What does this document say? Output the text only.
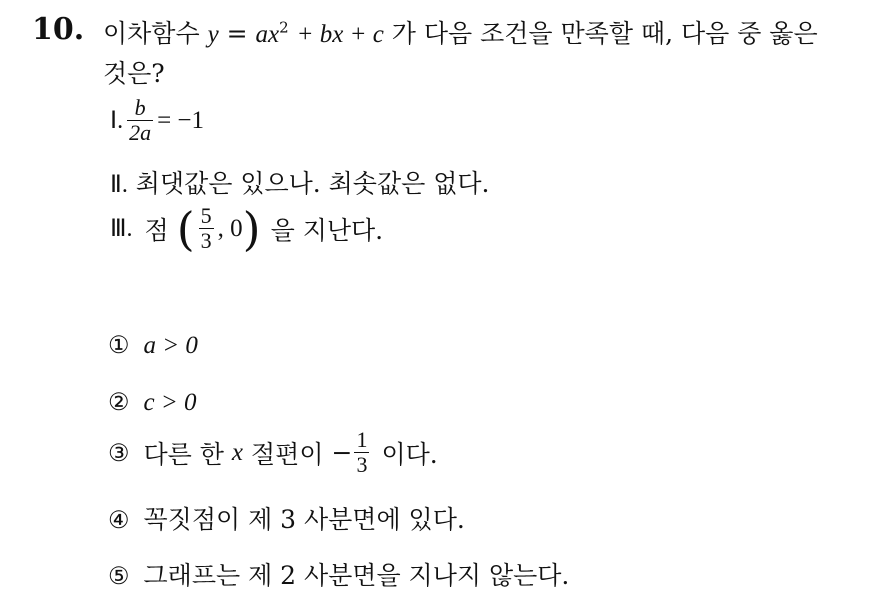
10. 이차함수 $y = ax^2$ + bx + c 가 다음 조건을 만족할 때, 다음 중 옳은
것은?
Ⅰ. $\frac{b}{2a} = -1$
Ⅱ. 최댓값은 있으나. 최솟값은 없다.
Ⅲ. 점 ( $\frac{5}{3}$ , 0 ) 을 지난다.
① a > 0
② c > 0
③ 다른 한 x 절편이 − $\frac{1}{3}$ 이다.
④ 꼭짓점이 제 3 사분면에 있다.
⑤ 그래프는 제 2 사분면을 지나지 않는다.
